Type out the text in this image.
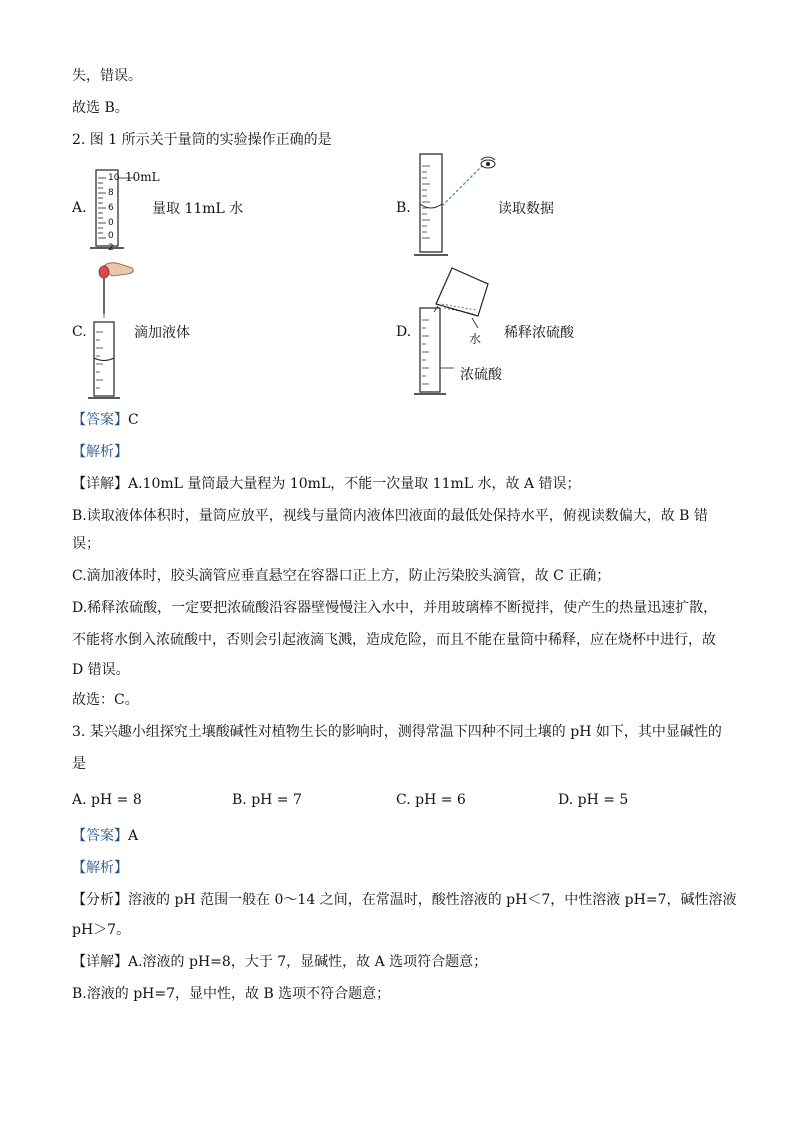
失，错误。
故选 B。
2. 图 1 所示关于量筒的实验操作正确的是
A.
10
8
6
0
0
2
10mL
量取 11mL 水	B.	读取数据
C.	滴加液体	D.	水
浓硫酸
稀释浓硫酸
【答案】C
【解析】
【详解】A.10mL 量筒最大量程为 10mL，不能一次量取 11mL 水，故 A 错误；
B.读取液体体积时，量筒应放平，视线与量筒内液体凹液面的最低处保持水平，俯视读数偏大，故 B 错
误；
C.滴加液体时，胶头滴管应垂直悬空在容器口正上方，防止污染胶头滴管，故 C 正确；
D.稀释浓硫酸，一定要把浓硫酸沿容器壁慢慢注入水中，并用玻璃棒不断搅拌，使产生的热量迅速扩散，
不能将水倒入浓硫酸中，否则会引起液滴飞溅，造成危险，而且不能在量筒中稀释，应在烧杯中进行，故
D 错误。
故选：C。
3. 某兴趣小组探究土壤酸碱性对植物生长的影响时，测得常温下四种不同土壤的 pH 如下，其中显碱性的
是
A. pH = 8	B. pH = 7	C. pH = 6	D. pH = 5
【答案】A
【解析】
【分析】溶液的 pH 范围一般在 0～14 之间，在常温时，酸性溶液的 pH＜7，中性溶液 pH=7，碱性溶液
pH＞7。
【详解】A.溶液的 pH=8，大于 7，显碱性，故 A 选项符合题意；
B.溶液的 pH=7，显中性，故 B 选项不符合题意；
